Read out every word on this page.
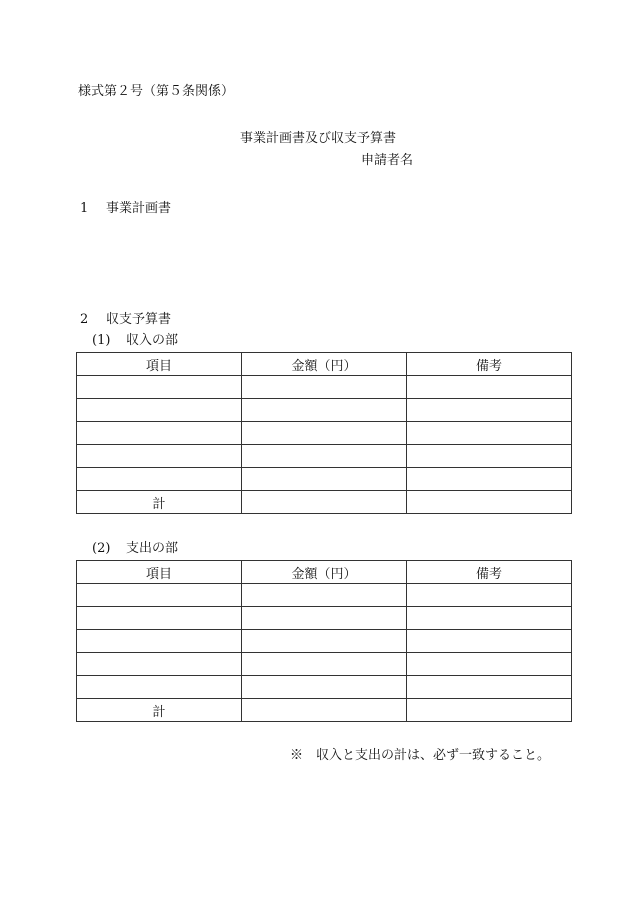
様式第２号（第５条関係）
事業計画書及び収支予算書
申請者名
1 事業計画書
2 収支予算書
(1) 収入の部
項目	金額（円）	備考

計		
(2) 支出の部
項目	金額（円）	備考

計		
※　収入と支出の計は、必ず一致すること。
